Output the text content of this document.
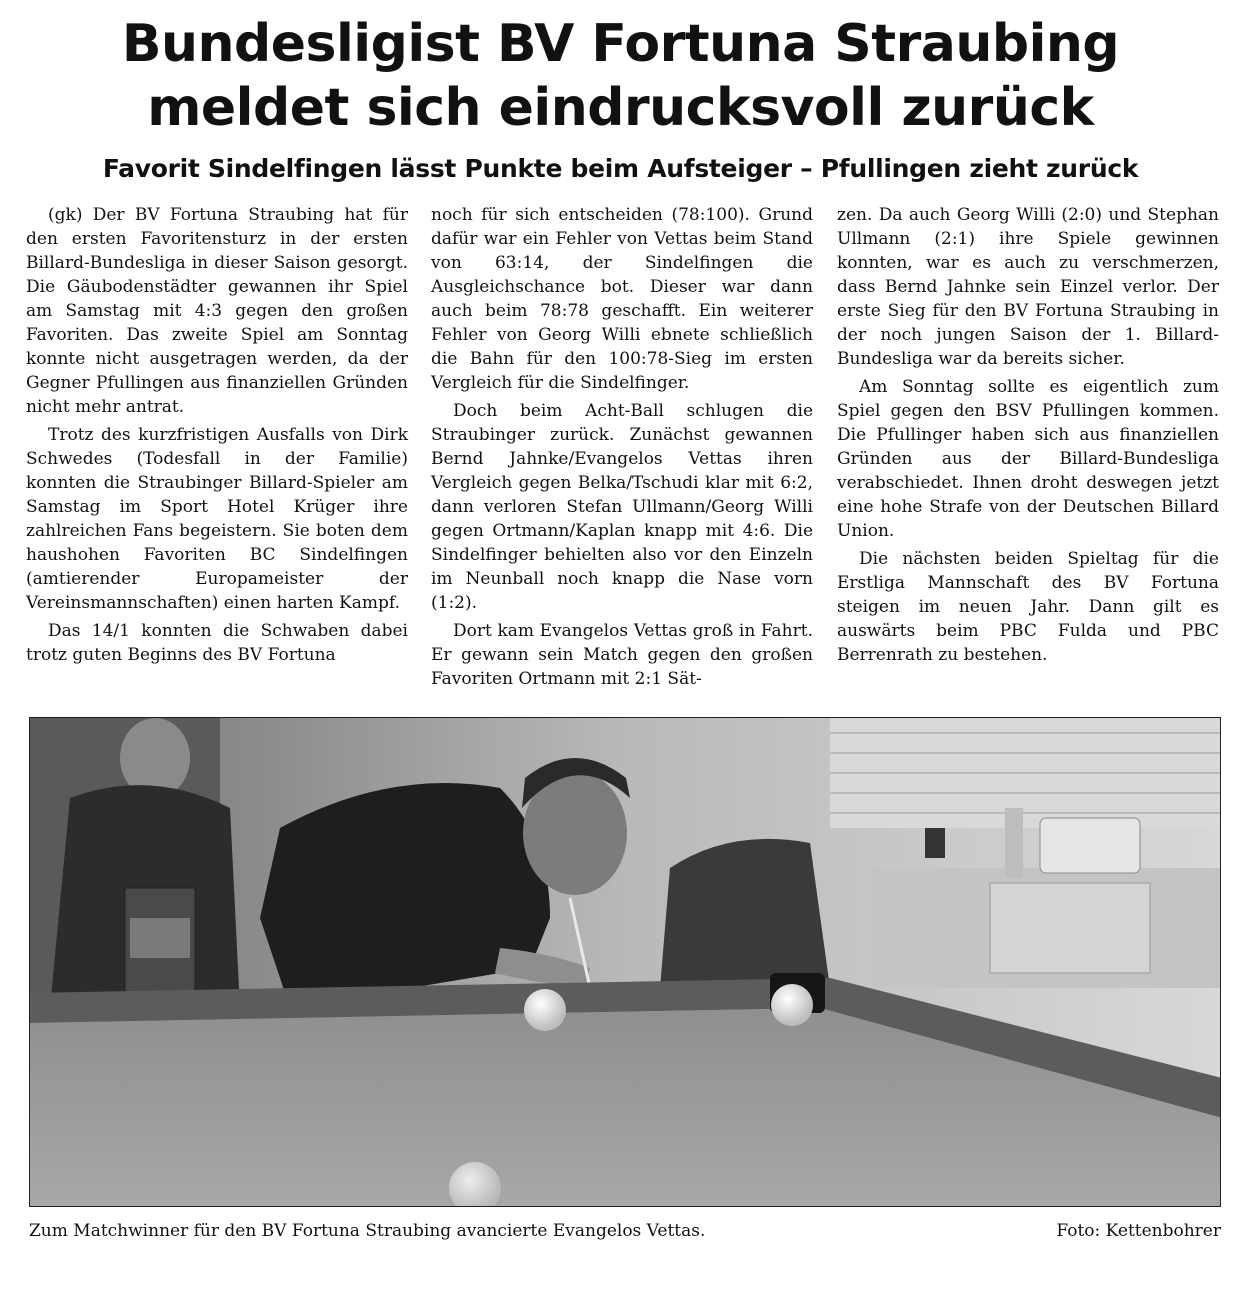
Bundesligist BV Fortuna Straubing
meldet sich eindrucksvoll zurück
Favorit Sindelfingen lässt Punkte beim Aufsteiger – Pfullingen zieht zurück

(gk) Der BV Fortuna Straubing hat für den ersten Favoritensturz in der ersten Billard-Bundesliga in dieser Saison gesorgt. Die Gäubodenstädter gewannen ihr Spiel am Samstag mit 4:3 gegen den großen Favoriten. Das zweite Spiel am Sonntag konnte nicht ausgetragen werden, da der Gegner Pfullingen aus finanziellen Gründen nicht mehr antrat.

Trotz des kurzfristigen Ausfalls von Dirk Schwedes (Todesfall in der Familie) konnten die Straubinger Billard-Spieler am Samstag im Sport Hotel Krüger ihre zahlreichen Fans begeistern. Sie boten dem haushohen Favoriten BC Sindelfingen (amtierender Europameister der Vereinsmannschaften) einen harten Kampf.

Das 14/1 konnten die Schwaben dabei trotz guten Beginns des BV Fortuna

noch für sich entscheiden (78:100). Grund dafür war ein Fehler von Vettas beim Stand von 63:14, der Sindelfingen die Ausgleichschance bot. Dieser war dann auch beim 78:78 geschafft. Ein weiterer Fehler von Georg Willi ebnete schließlich die Bahn für den 100:78-Sieg im ersten Vergleich für die Sindelfinger.

Doch beim Acht-Ball schlugen die Straubinger zurück. Zunächst gewannen Bernd Jahnke/Evangelos Vettas ihren Vergleich gegen Belka/Tschudi klar mit 6:2, dann verloren Stefan Ullmann/Georg Willi gegen Ortmann/Kaplan knapp mit 4:6. Die Sindelfinger behielten also vor den Einzeln im Neunball noch knapp die Nase vorn (1:2).

Dort kam Evangelos Vettas groß in Fahrt. Er gewann sein Match gegen den großen Favoriten Ortmann mit 2:1 Sät-

zen. Da auch Georg Willi (2:0) und Stephan Ullmann (2:1) ihre Spiele gewinnen konnten, war es auch zu verschmerzen, dass Bernd Jahnke sein Einzel verlor. Der erste Sieg für den BV Fortuna Straubing in der noch jungen Saison der 1. Billard-Bundesliga war da bereits sicher.

Am Sonntag sollte es eigentlich zum Spiel gegen den BSV Pfullingen kommen. Die Pfullinger haben sich aus finanziellen Gründen aus der Billard-Bundesliga verabschiedet. Ihnen droht deswegen jetzt eine hohe Strafe von der Deutschen Billard Union.

Die nächsten beiden Spieltag für die Erstliga Mannschaft des BV Fortuna steigen im neuen Jahr. Dann gilt es auswärts beim PBC Fulda und PBC Berrenrath zu bestehen.

Zum Matchwinner für den BV Fortuna Straubing avancierte Evangelos Vettas.	Foto: Kettenbohrer
